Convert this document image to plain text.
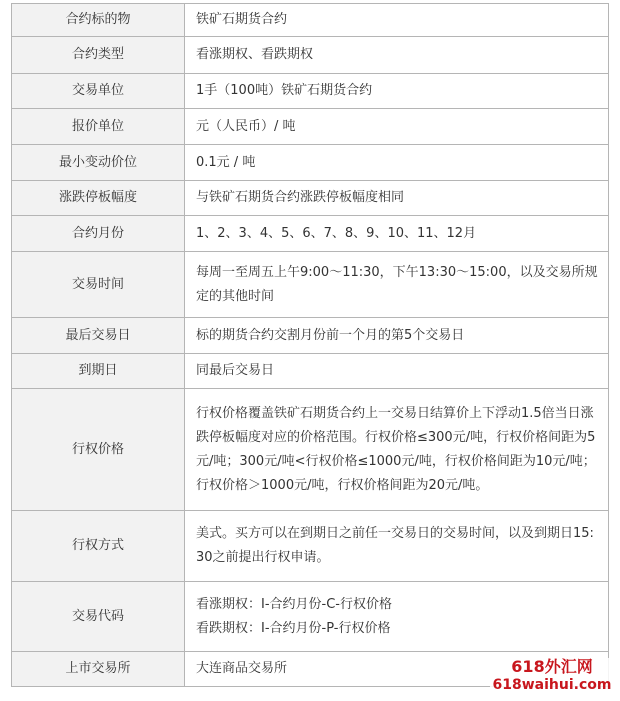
合约标的物	铁矿石期货合约
合约类型	看涨期权、看跌期权
交易单位	1手（100吨）铁矿石期货合约
报价单位	元（人民币）/ 吨
最小变动价位	0.1元 / 吨
涨跌停板幅度	与铁矿石期货合约涨跌停板幅度相同
合约月份	1、2、3、4、5、6、7、8、9、10、11、12月
交易时间	每周一至周五上午9:00～11:30，下午13:30～15:00，以及交易所规定的其他时间
最后交易日	标的期货合约交割月份前一个月的第5个交易日
到期日	同最后交易日
行权价格	行权价格覆盖铁矿石期货合约上一交易日结算价上下浮动1.5倍当日涨跌停板幅度对应的价格范围。行权价格≤300元/吨，行权价格间距为5元/吨；300元/吨<行权价格≤1000元/吨，行权价格间距为10元/吨；行权价格＞1000元/吨，行权价格间距为20元/吨。
行权方式	美式。买方可以在到期日之前任一交易日的交易时间，以及到期日15:30之前提出行权申请。
交易代码	看涨期权：I-合约月份-C-行权价格
看跌期权：I-合约月份-P-行权价格

上市交易所	大连商品交易所	618外汇网
618waihui.com
